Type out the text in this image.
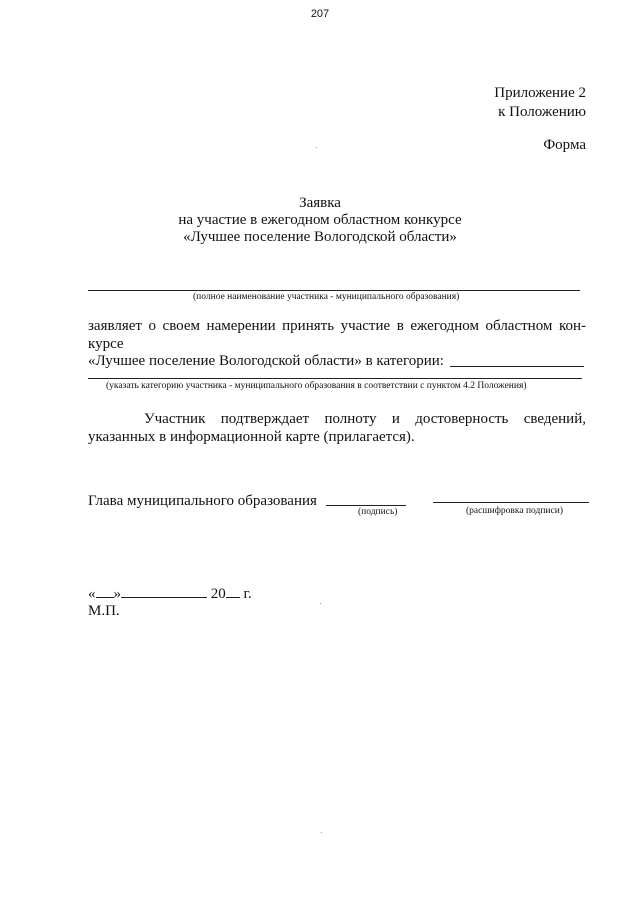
207
Приложение 2
к Положению
Форма
Заявка
на участие в ежегодном областном конкурсе
«Лучшее поселение Вологодской области»
(полное наименование участника - муниципального образования)
заявляет о своем намерении принять участие в ежегодном областном кон-
курсе
«Лучшее поселение Вологодской области» в категории:
(указать категорию участника - муниципального образования в соответствии с пунктом 4.2 Положения)
Участник подтверждает полноту и достоверность сведений,
указанных в информационной карте (прилагается).
Глава муниципального образования
(подпись)	(расшифровка подписи)
« »	20 г.
М.П.
